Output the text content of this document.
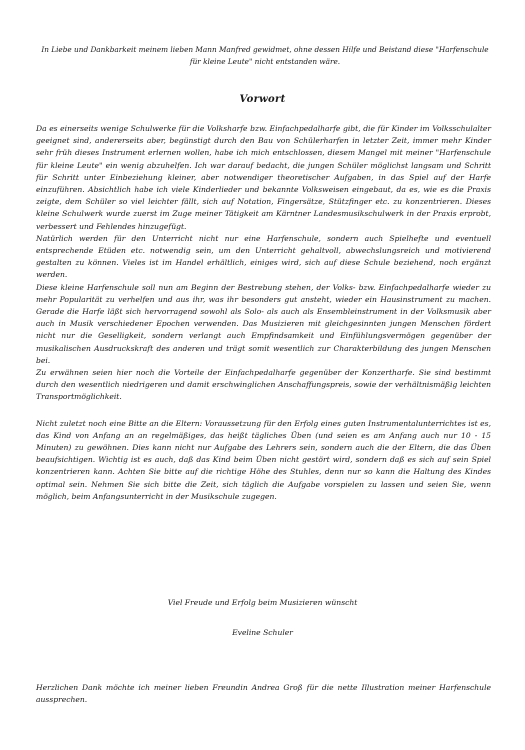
In Liebe und Dankbarkeit meinem lieben Mann Manfred gewidmet, ohne dessen Hilfe und Beistand diese "Harfenschule für kleine Leute" nicht entstanden wäre.
Vorwort

Da es einerseits wenige Schulwerke für die Volksharfe bzw. Einfachpedalharfe gibt, die für Kinder im Volksschulalter geeignet sind, andererseits aber, begünstigt durch den Bau von Schülerharfen in letzter Zeit, immer mehr Kinder sehr früh dieses Instrument erlernen wollen, habe ich mich entschlossen, diesem Mangel mit meiner "Harfenschule für kleine Leute" ein wenig abzuhelfen. Ich war darauf bedacht, die jungen Schüler möglichst langsam und Schritt für Schritt unter Einbeziehung kleiner, aber notwendiger theoretischer Aufgaben, in das Spiel auf der Harfe einzuführen. Absichtlich habe ich viele Kinderlieder und bekannte Volksweisen eingebaut, da es, wie es die Praxis zeigte, dem Schüler so viel leichter fällt, sich auf Notation, Fingersätze, Stützfinger etc. zu konzentrieren. Dieses kleine Schulwerk wurde zuerst im Zuge meiner Tätigkeit am Kärntner Landesmusikschulwerk in der Praxis erprobt, verbessert und Fehlendes hinzugefügt.

Natürlich werden für den Unterricht nicht nur eine Harfenschule, sondern auch Spielhefte und eventuell entsprechende Etüden etc. notwendig sein, um den Unterricht gehaltvoll, abwechslungsreich und motivierend gestalten zu können. Vieles ist im Handel erhältlich, einiges wird, sich auf diese Schule beziehend, noch ergänzt werden.

Diese kleine Harfenschule soll nun am Beginn der Bestrebung stehen, der Volks- bzw. Einfachpedalharfe wieder zu mehr Popularität zu verhelfen und aus ihr, was ihr besonders gut ansteht, wieder ein Hausinstrument zu machen. Gerade die Harfe läßt sich hervorragend sowohl als Solo- als auch als Ensembleinstrument in der Volksmusik aber auch in Musik verschiedener Epochen verwenden. Das Musizieren mit gleichgesinnten jungen Menschen fördert nicht nur die Geselligkeit, sondern verlangt auch Empfindsamkeit und Einfühlungsvermögen gegenüber der musikalischen Ausdruckskraft des anderen und trägt somit wesentlich zur Charakterbildung des jungen Menschen bei.

Zu erwähnen seien hier noch die Vorteile der Einfachpedalharfe gegenüber der Konzertharfe. Sie sind bestimmt durch den wesentlich niedrigeren und damit erschwinglichen Anschaffungspreis, sowie der verhältnismäßig leichten Transportmöglichkeit.

Nicht zuletzt noch eine Bitte an die Eltern: Voraussetzung für den Erfolg eines guten Instrumentalunterrichtes ist es, das Kind von Anfang an an regelmäßiges, das heißt tägliches Üben (und seien es am Anfang auch nur 10 - 15 Minuten) zu gewöhnen. Dies kann nicht nur Aufgabe des Lehrers sein, sondern auch die der Eltern, die das Üben beaufsichtigen. Wichtig ist es auch, daß das Kind beim Üben nicht gestört wird, sondern daß es sich auf sein Spiel konzentrieren kann. Achten Sie bitte auf die richtige Höhe des Stuhles, denn nur so kann die Haltung des Kindes optimal sein. Nehmen Sie sich bitte die Zeit, sich täglich die Aufgabe vorspielen zu lassen und seien Sie, wenn möglich, beim Anfangsunterricht in der Musikschule zugegen.

Viel Freude und Erfolg beim Musizieren wünscht
Eveline Schuler
Herzlichen Dank möchte ich meiner lieben Freundin Andrea Groß für die nette Illustration meiner Harfenschule aussprechen.
